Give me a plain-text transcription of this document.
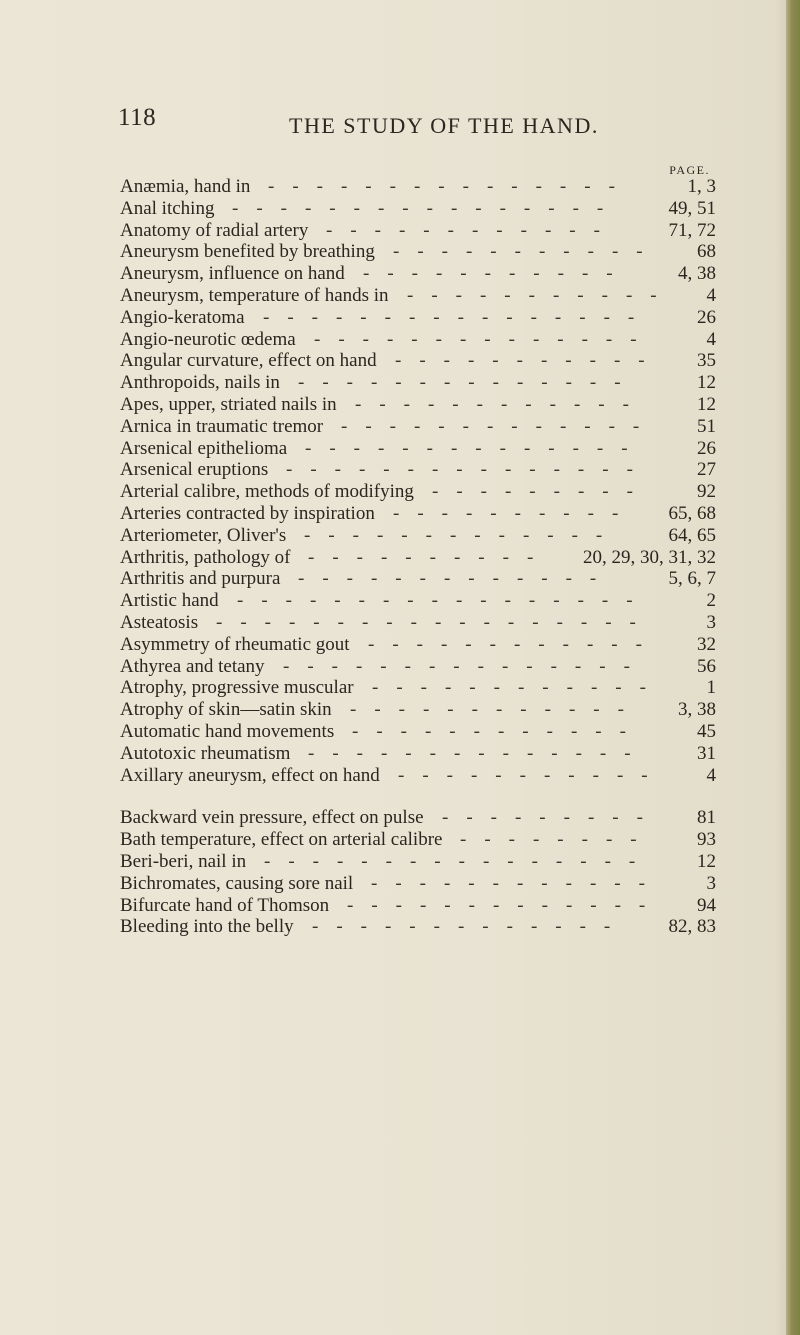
118	THE STUDY OF THE HAND.
PAGE.
Anæmia, hand in ---------------	1, 3
Anal itching ---------------- 49, 51
Anatomy of radial artery ------------	71, 72
Aneurysm benefited by breathing ----------- 68
Aneurysm, influence on hand ----------- 4, 38
Aneurysm, temperature of hands in ----------- 4
Angio-keratoma ---------------- 26
Angio-neurotic œdema --------------	4
Angular curvature, effect on hand ----------- 35
Anthropoids, nails in --------------	12
Apes, upper, striated nails in ------------	12
Arnica in traumatic tremor ------------- 51
Arsenical epithelioma --------------	26
Arsenical eruptions --------------- 27
Arterial calibre, methods of modifying --------- 92
Arteries contracted by inspiration ---------- 65, 68
Arteriometer, Oliver's -------------	64, 65
Arthritis, pathology of ---------- 20, 29, 30, 31, 32
Arthritis and purpura -------------	5, 6, 7
Artistic hand -----------------	2
Asteatosis ------------------	3
Asymmetry of rheumatic gout ------------ 32
Athyrea and tetany ---------------	56
Atrophy, progressive muscular ------------ 1
Atrophy of skin—satin skin ------------ 3, 38
Automatic hand movements ------------	45
Autotoxic rheumatism --------------	31
Axillary aneurysm, effect on hand ----------- 4
Backward vein pressure, effect on pulse --------- 81
Bath temperature, effect on arterial calibre -------- 93
Beri-beri, nail in ---------------- 12
Bichromates, causing sore nail ------------ 3
Bifurcate hand of Thomson ------------- 94
Bleeding into the belly ------------- 82, 83
